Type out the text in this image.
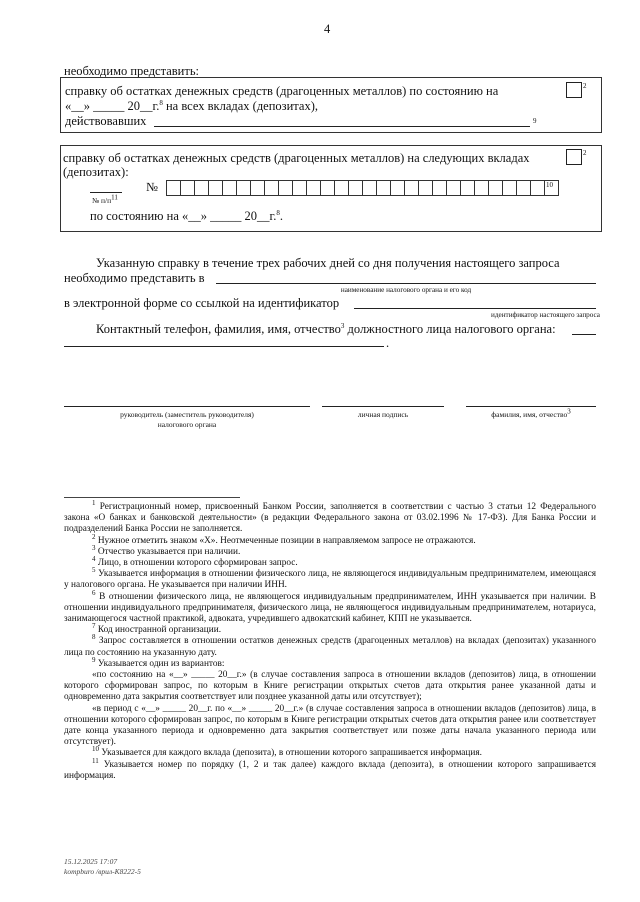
4
необходимо представить:
справку об остатках денежных средств (драгоценных металлов) по состоянию на
«__» _____ 20__г.$^8$ на всех вкладах (депозитах),
действовавших	9
2
справку об остатках денежных средств (драгоценных металлов) на следующих вкладах
(депозитах):
2
№	10
№ $п/п^{11}$
по состоянию на «__» _____ 20__г.$^8$.
Указанную справку в течение трех рабочих дней со дня получения настоящего запроса
необходимо представить в
наименование налогового органа и его код
в электронной форме со ссылкой на идентификатор
идентификатор настоящего запроса
Контактный телефон, фамилия, имя, отчество$^3$ должностного лица налогового органа:
.
руководитель (заместитель руководителя)
налогового органа
личная подпись	фамилия, имя, отчество$^3$

$^1$ Регистрационный номер, присвоенный Банком России, заполняется в соответствии с частью 3 статьи 12 Федерального закона «О банках и банковской деятельности» (в редакции Федерального закона от 03.02.1996 № 17-ФЗ). Для Банка России и подразделений Банка России не заполняется.

$^2$ Нужное отметить знаком «Х». Неотмеченные позиции в направляемом запросе не отражаются.

$^3$ Отчество указывается при наличии.

$^4$ Лицо, в отношении которого сформирован запрос.

$^5$ Указывается информация в отношении физического лица, не являющегося индивидуальным предпринимателем, имеющаяся у налогового органа. Не указывается при наличии ИНН.

$^6$ В отношении физического лица, не являющегося индивидуальным предпринимателем, ИНН указывается при наличии. В отношении индивидуального предпринимателя, физического лица, не являющегося индивидуальным предпринимателем, нотариуса, занимающегося частной практикой, адвоката, учредившего адвокатский кабинет, КПП не указывается.

$^7$ Код иностранной организации.

$^8$ Запрос составляется в отношении остатков денежных средств (драгоценных металлов) на вкладах (депозитах) указанного лица по состоянию на указанную дату.

$^9$ Указывается один из вариантов:

«по состоянию на «__» _____ 20__г.» (в случае составления запроса в отношении вкладов (депозитов) лица, в отношении которого сформирован запрос, по которым в Книге регистрации открытых счетов дата открытия ранее указанной даты и одновременно дата закрытия соответствует или позднее указанной даты или отсутствует);

«в период с «__» _____ 20__г. по «__» _____ 20__г.» (в случае составления запроса в отношении вкладов (депозитов) лица, в отношении которого сформирован запрос, по которым в Книге регистрации открытых счетов дата открытия ранее или соответствует дате конца указанного периода и одновременно дата закрытия соответствует или позже даты начала указанного периода или отсутствует).

$^{10}$ Указывается для каждого вклада (депозита), в отношении которого запрашивается информация.

$^{11}$ Указывается номер по порядку (1, 2 и так далее) каждого вклада (депозита), в отношении которого запрашивается информация.

15.12.2025 17:07
kompburo /врил-К8222-5
